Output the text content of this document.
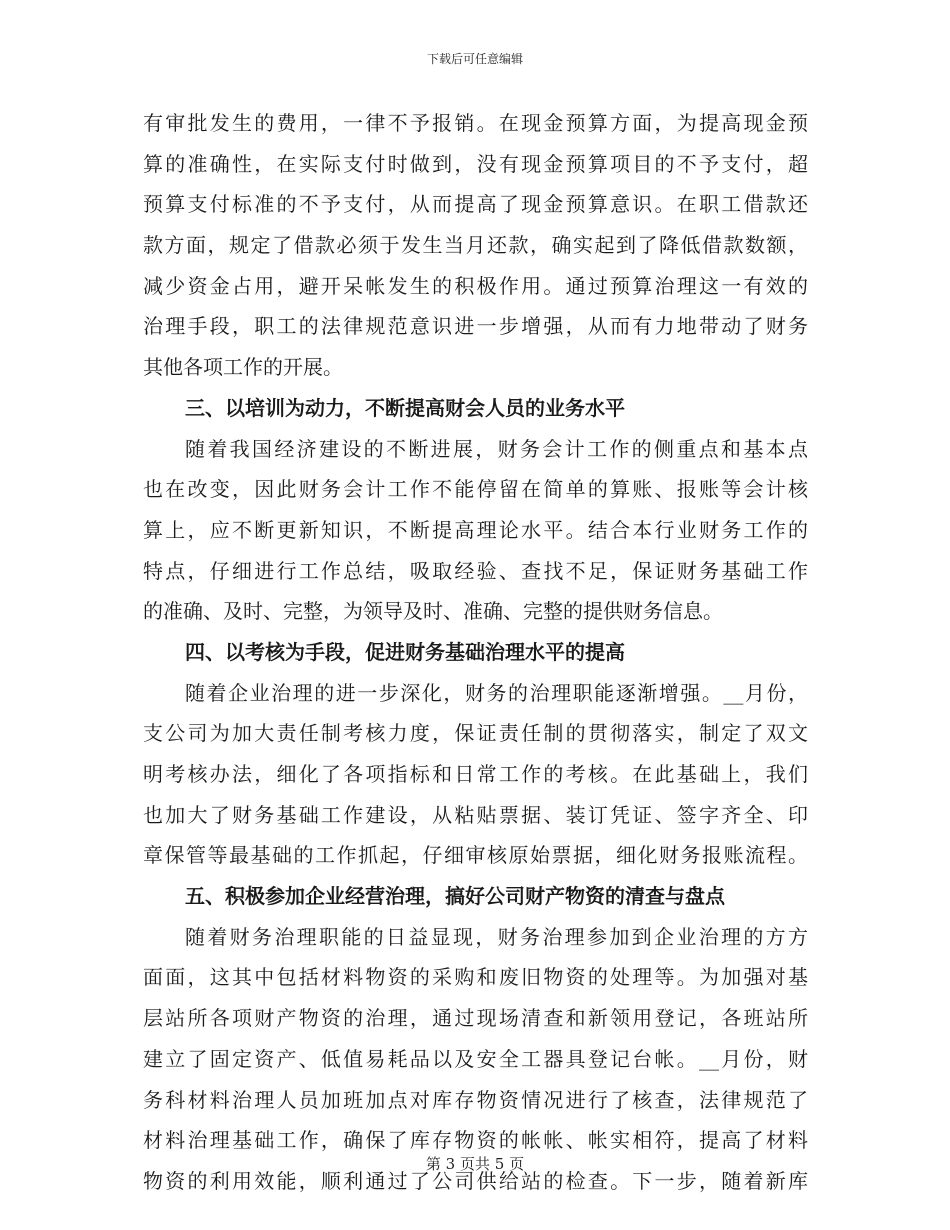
下载后可任意编辑
有审批发生的费用，一律不予报销。在现金预算方面，为提高现金预
算的准确性，在实际支付时做到，没有现金预算项目的不予支付，超
预算支付标准的不予支付，从而提高了现金预算意识。在职工借款还
款方面，规定了借款必须于发生当月还款，确实起到了降低借款数额，
减少资金占用，避开呆帐发生的积极作用。通过预算治理这一有效的
治理手段，职工的法律规范意识进一步增强，从而有力地带动了财务
其他各项工作的开展。
三、以培训为动力，不断提高财会人员的业务水平
随着我国经济建设的不断进展，财务会计工作的侧重点和基本点
也在改变，因此财务会计工作不能停留在简单的算账、报账等会计核
算上，应不断更新知识，不断提高理论水平。结合本行业财务工作的
特点，仔细进行工作总结，吸取经验、查找不足，保证财务基础工作
的准确、及时、完整，为领导及时、准确、完整的提供财务信息。
四、以考核为手段，促进财务基础治理水平的提高
随着企业治理的进一步深化，财务的治理职能逐渐增强。__月份，
支公司为加大责任制考核力度，保证责任制的贯彻落实，制定了双文
明考核办法，细化了各项指标和日常工作的考核。在此基础上，我们
也加大了财务基础工作建设，从粘贴票据、装订凭证、签字齐全、印
章保管等最基础的工作抓起，仔细审核原始票据，细化财务报账流程。
五、积极参加企业经营治理，搞好公司财产物资的清查与盘点
随着财务治理职能的日益显现，财务治理参加到企业治理的方方
面面，这其中包括材料物资的采购和废旧物资的处理等。为加强对基
层站所各项财产物资的治理，通过现场清查和新领用登记，各班站所
建立了固定资产、低值易耗品以及安全工器具登记台帐。__月份，财
务科材料治理人员加班加点对库存物资情况进行了核查，法律规范了
材料治理基础工作，确保了库存物资的帐帐、帐实相符，提高了材料
物资的利用效能，顺利通过了公司供给站的检查。下一步，随着新库
第 3 页共 5 页
